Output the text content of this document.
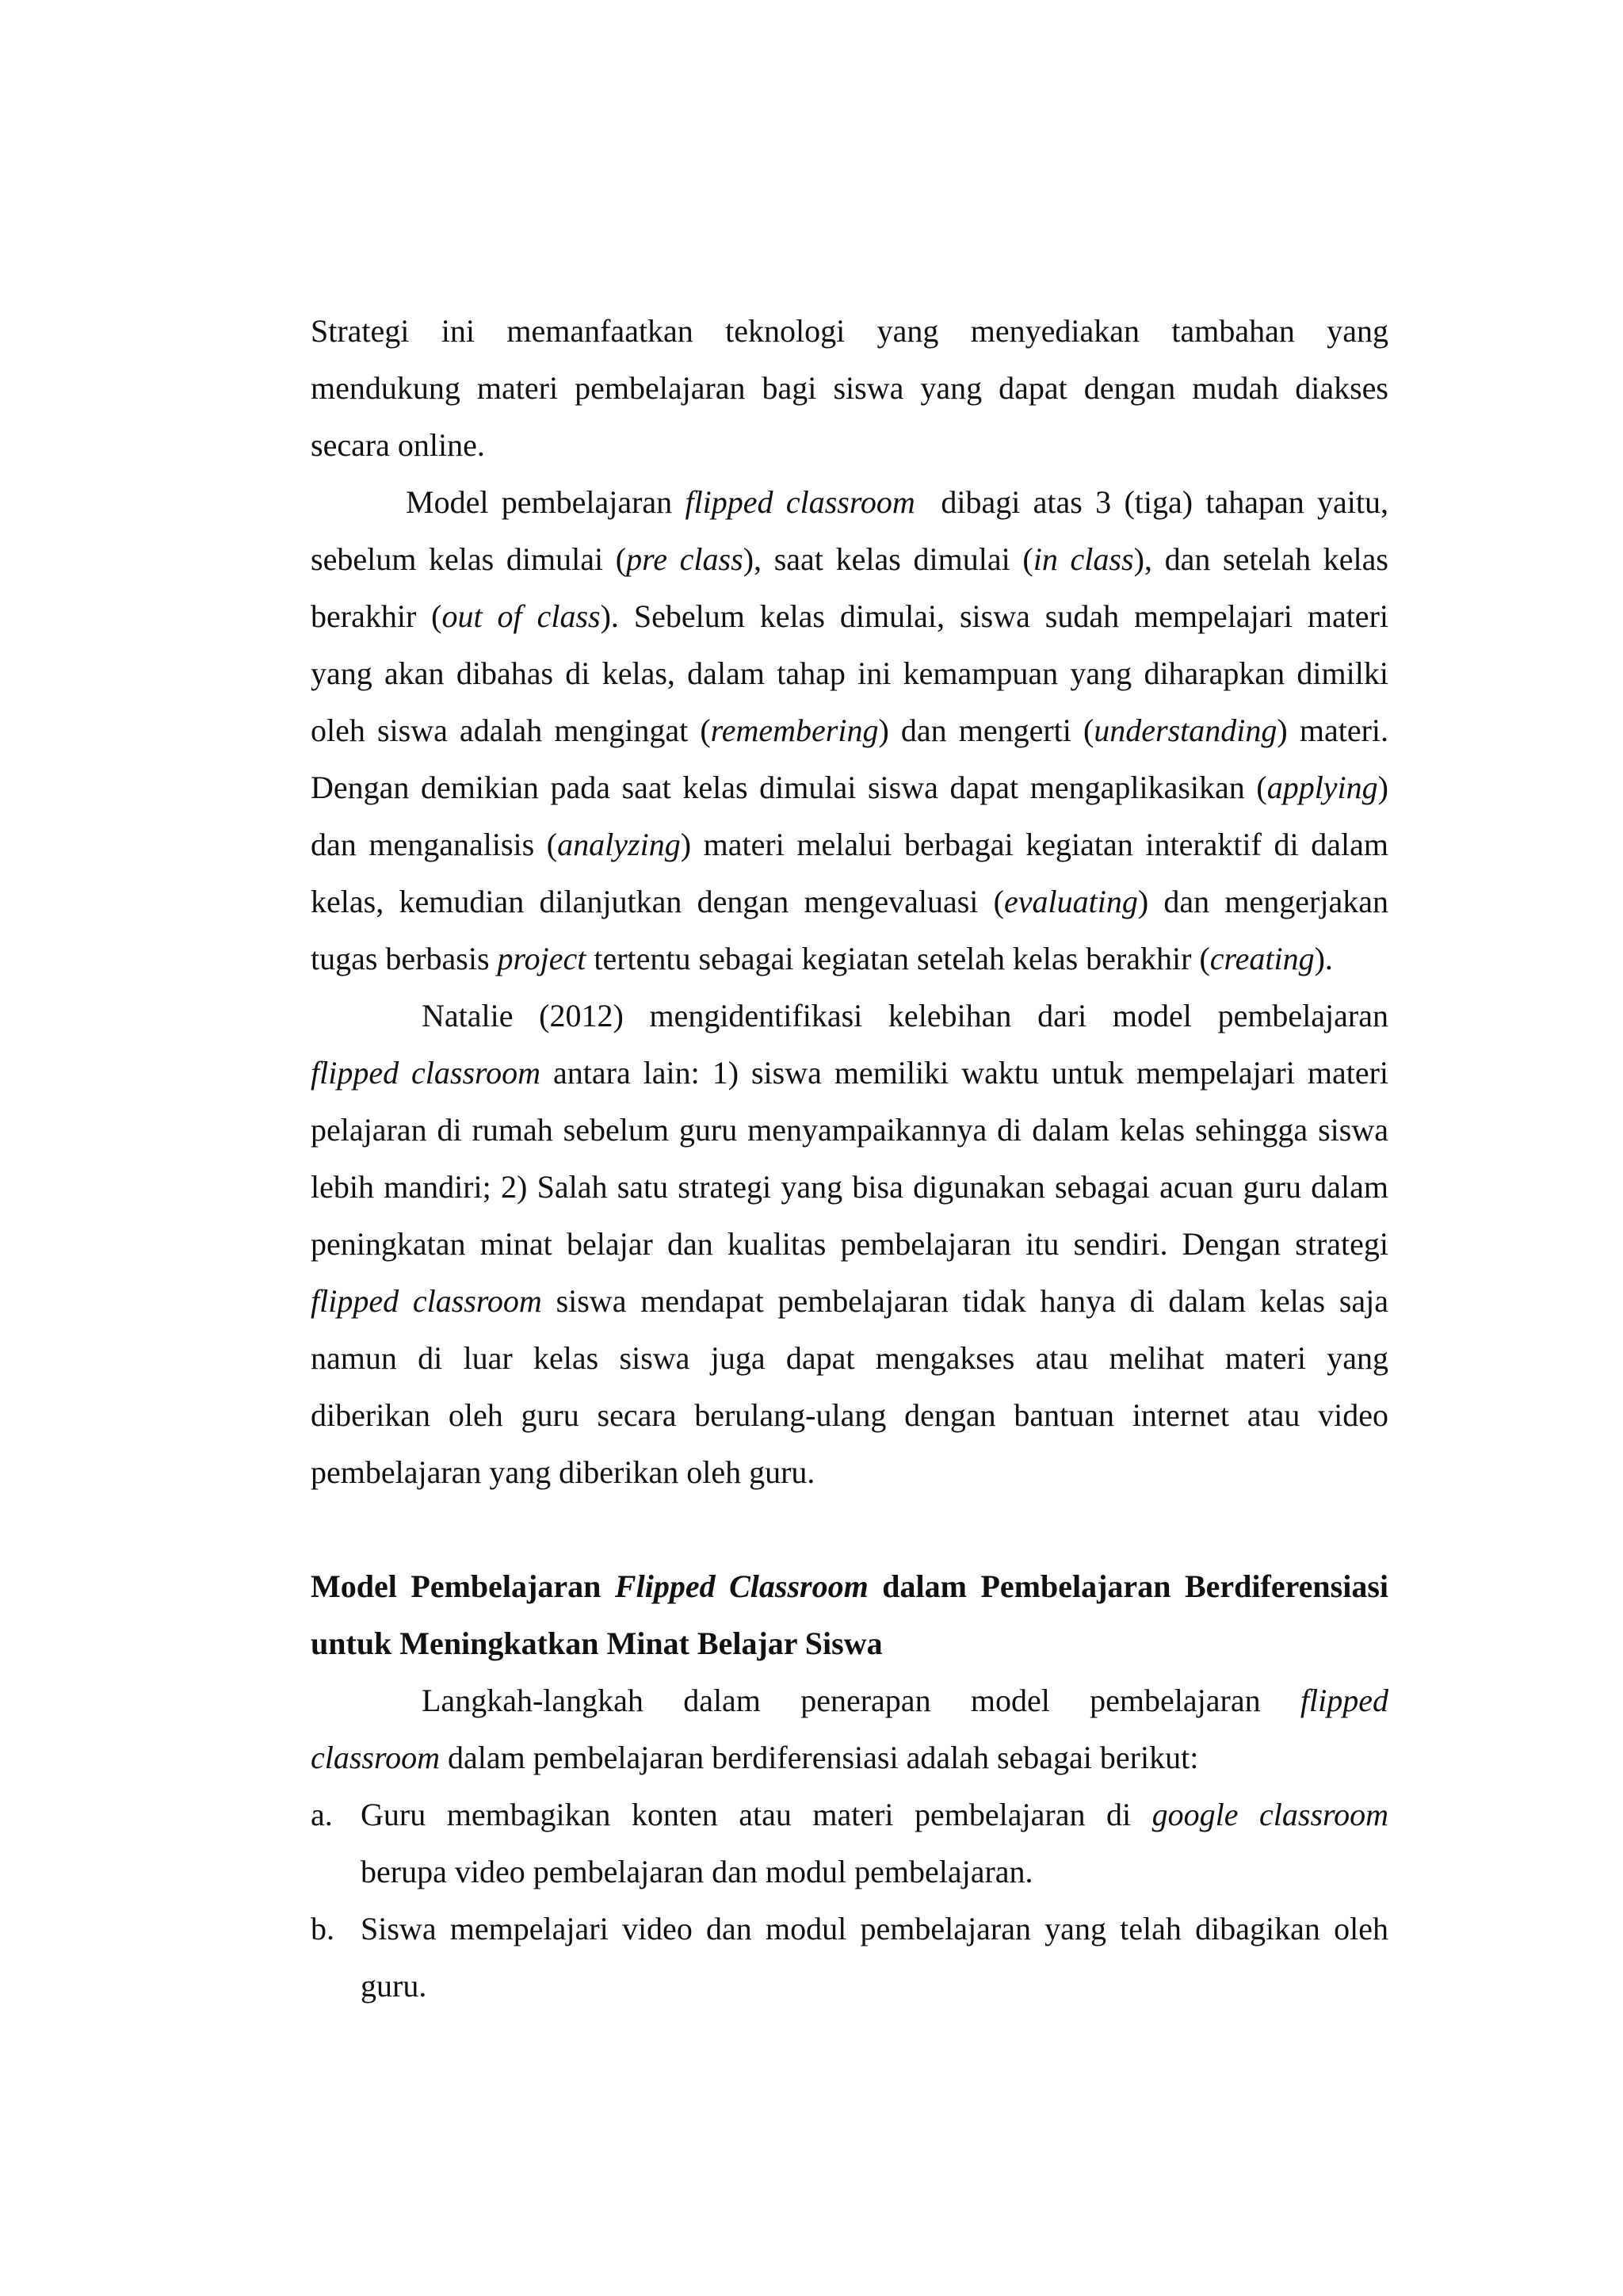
Strategi ini memanfaatkan teknologi yang menyediakan tambahan yang
mendukung materi pembelajaran bagi siswa yang dapat dengan mudah diakses
secara online.
Model pembelajaran flipped classroom dibagi atas 3 (tiga) tahapan yaitu,
sebelum kelas dimulai (pre class), saat kelas dimulai (in class), dan setelah kelas
berakhir (out of class). Sebelum kelas dimulai, siswa sudah mempelajari materi
yang akan dibahas di kelas, dalam tahap ini kemampuan yang diharapkan dimilki
oleh siswa adalah mengingat (remembering) dan mengerti (understanding) materi.
Dengan demikian pada saat kelas dimulai siswa dapat mengaplikasikan (applying)
dan menganalisis (analyzing) materi melalui berbagai kegiatan interaktif di dalam
kelas, kemudian dilanjutkan dengan mengevaluasi (evaluating) dan mengerjakan
tugas berbasis project tertentu sebagai kegiatan setelah kelas berakhir (creating).
Natalie (2012) mengidentifikasi kelebihan dari model pembelajaran
flipped classroom antara lain: 1) siswa memiliki waktu untuk mempelajari materi
pelajaran di rumah sebelum guru menyampaikannya di dalam kelas sehingga siswa
lebih mandiri; 2) Salah satu strategi yang bisa digunakan sebagai acuan guru dalam
peningkatan minat belajar dan kualitas pembelajaran itu sendiri. Dengan strategi
flipped classroom siswa mendapat pembelajaran tidak hanya di dalam kelas saja
namun di luar kelas siswa juga dapat mengakses atau melihat materi yang
diberikan oleh guru secara berulang-ulang dengan bantuan internet atau video
pembelajaran yang diberikan oleh guru.
Model Pembelajaran Flipped Classroom dalam Pembelajaran Berdiferensiasi
untuk Meningkatkan Minat Belajar Siswa
Langkah-langkah dalam penerapan model pembelajaran flipped
classroom dalam pembelajaran berdiferensiasi adalah sebagai berikut:
a. Guru membagikan konten atau materi pembelajaran di google classroom
berupa video pembelajaran dan modul pembelajaran.
b. Siswa mempelajari video dan modul pembelajaran yang telah dibagikan oleh
guru.
